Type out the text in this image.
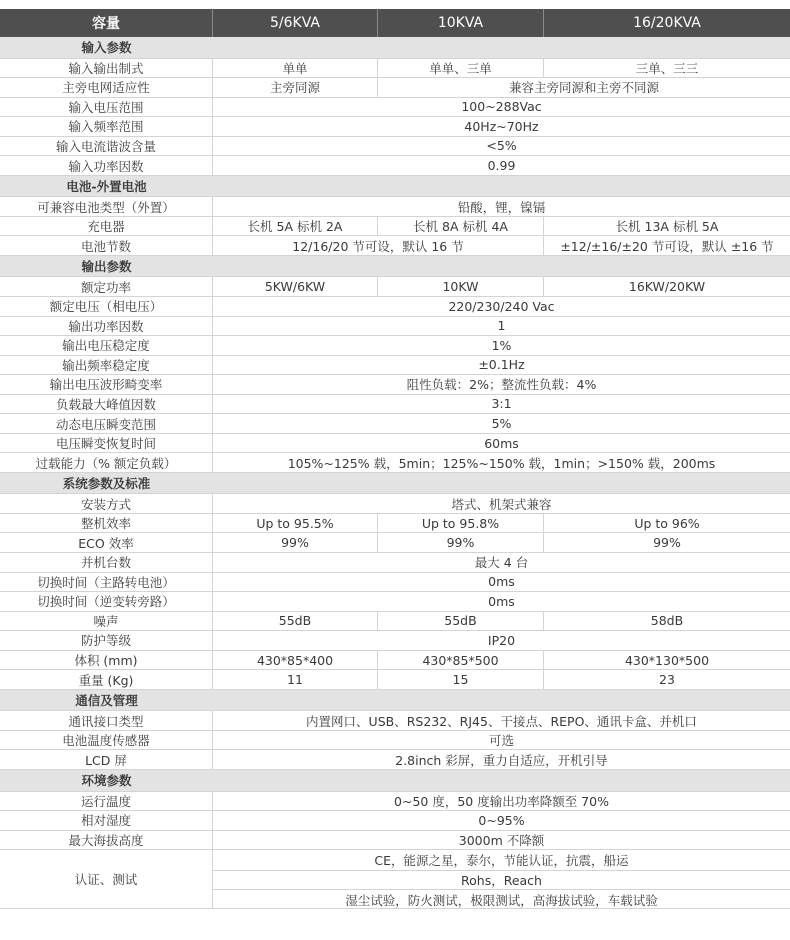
容量	5/6KVA	10KVA	16/20KVA
输入参数
输入输出制式	单单	单单、三单	三单、三三
主旁电网适应性	主旁同源	兼容主旁同源和主旁不同源
输入电压范围	100~288Vac
输入频率范围	40Hz~70Hz
输入电流谐波含量	<5%
输入功率因数	0.99
电池-外置电池
可兼容电池类型（外置）	铅酸，锂，镍镉
充电器	长机 5A 标机 2A	长机 8A 标机 4A	长机 13A 标机 5A
电池节数	12/16/20 节可设，默认 16 节	±12/±16/±20 节可设，默认 ±16 节
输出参数
额定功率	5KW/6KW	10KW	16KW/20KW
额定电压（相电压）	220/230/240 Vac
输出功率因数	1
输出电压稳定度	1%
输出频率稳定度	±0.1Hz
输出电压波形畸变率	阻性负载：2%；整流性负载：4%
负载最大峰值因数	3:1
动态电压瞬变范围	5%
电压瞬变恢复时间	60ms
过载能力（% 额定负载）	105%~125% 载，5min；125%~150% 载，1min；>150% 载，200ms
系统参数及标准
安装方式	塔式、机架式兼容
整机效率	Up to 95.5%	Up to 95.8%	Up to 96%
ECO 效率	99%	99%	99%
并机台数	最大 4 台
切换时间（主路转电池）	0ms
切换时间（逆变转旁路）	0ms
噪声	55dB	55dB	58dB
防护等级	IP20
体积 (mm)	430*85*400	430*85*500	430*130*500
重量 (Kg)	11	15	23
通信及管理
通讯接口类型	内置网口、USB、RS232、RJ45、干接点、REPO、通讯卡盒、并机口
电池温度传感器	可选
LCD 屏	2.8inch 彩屏，重力自适应，开机引导
环境参数
运行温度	0~50 度，50 度输出功率降额至 70%
相对湿度	0~95%
最大海拔高度	3000m 不降额
认证、测试
CE，能源之星，泰尔，节能认证，抗震，船运
Rohs，Reach
湿尘试验，防火测试，极限测试，高海拔试验，车载试验
